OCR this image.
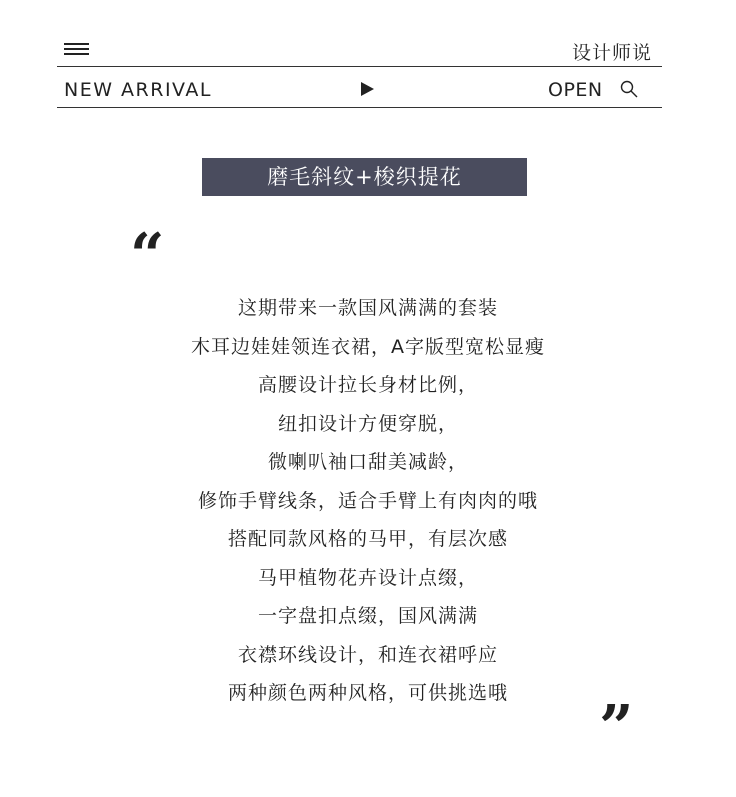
设计师说
NEW ARRIVAL	OPEN
磨毛斜纹+梭织提花
“
这期带来一款国风满满的套装
木耳边娃娃领连衣裙，A字版型宽松显瘦
高腰设计拉长身材比例，
纽扣设计方便穿脱，
微喇叭袖口甜美减龄，
修饰手臂线条，适合手臂上有肉肉的哦
搭配同款风格的马甲，有层次感
马甲植物花卉设计点缀，
一字盘扣点缀，国风满满
衣襟环线设计，和连衣裙呼应
两种颜色两种风格，可供挑选哦	”
